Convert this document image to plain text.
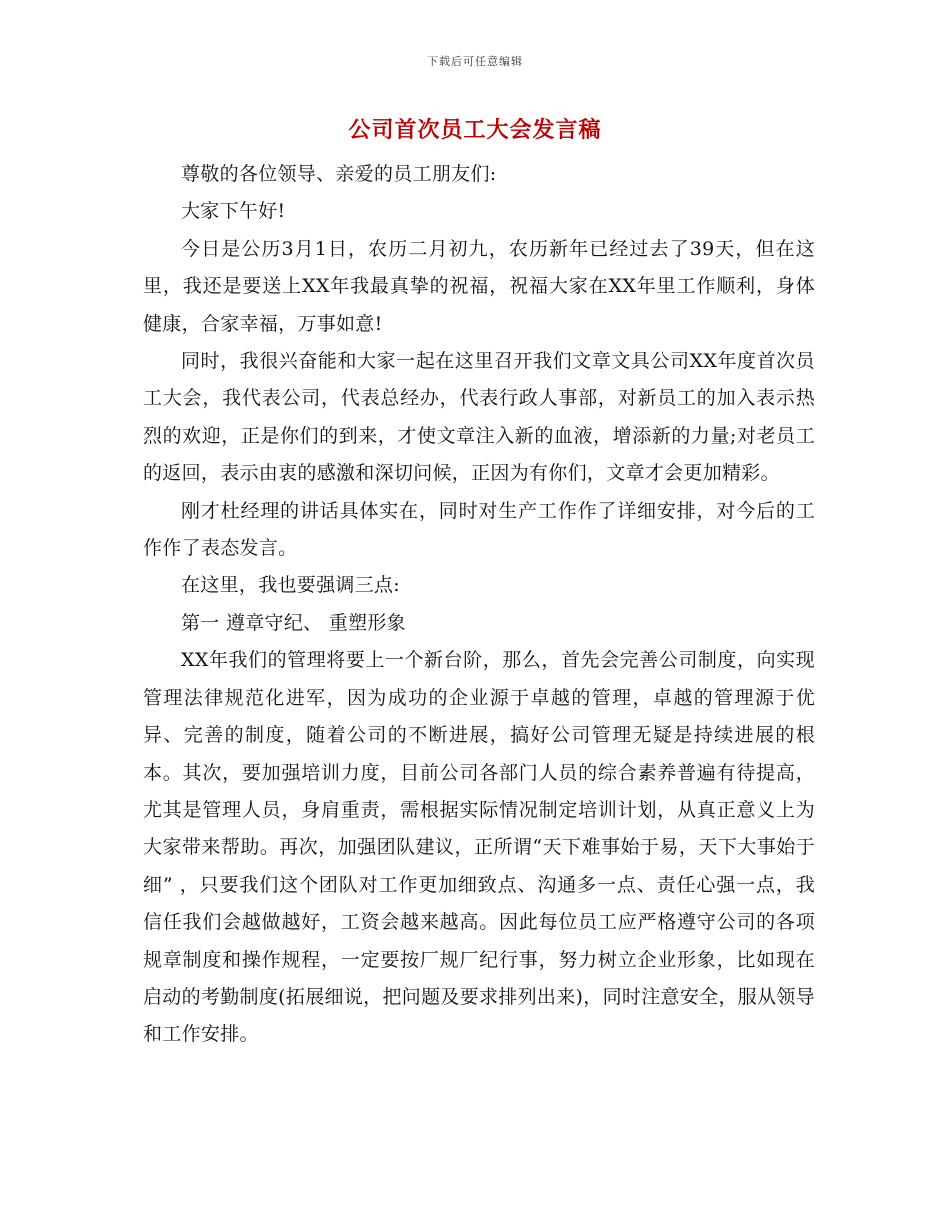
下载后可任意编辑
公司首次员工大会发言稿

尊敬的各位领导、亲爱的员工朋友们:

大家下午好!

今日是公历3月1日，农历二月初九，农历新年已经过去了39天，但在这里，我还是要送上XX年我最真挚的祝福，祝福大家在XX年里工作顺利，身体健康，合家幸福，万事如意!

同时，我很兴奋能和大家一起在这里召开我们文章文具公司XX年度首次员工大会，我代表公司，代表总经办，代表行政人事部，对新员工的加入表示热烈的欢迎，正是你们的到来，才使文章注入新的血液，增添新的力量;对老员工的返回，表示由衷的感激和深切问候，正因为有你们，文章才会更加精彩。

刚才杜经理的讲话具体实在，同时对生产工作作了详细安排，对今后的工作作了表态发言。

在这里，我也要强调三点:

第一 遵章守纪、 重塑形象

XX年我们的管理将要上一个新台阶，那么，首先会完善公司制度，向实现管理法律规范化进军，因为成功的企业源于卓越的管理，卓越的管理源于优异、完善的制度，随着公司的不断进展，搞好公司管理无疑是持续进展的根本。其次，要加强培训力度，目前公司各部门人员的综合素养普遍有待提高，尤其是管理人员，身肩重责，需根据实际情况制定培训计划，从真正意义上为大家带来帮助。再次，加强团队建议，正所谓“天下难事始于易，天下大事始于细” ，只要我们这个团队对工作更加细致点、沟通多一点、责任心强一点，我信任我们会越做越好，工资会越来越高。因此每位员工应严格遵守公司的各项规章制度和操作规程，一定要按厂规厂纪行事，努力树立企业形象，比如现在启动的考勤制度(拓展细说，把问题及要求排列出来)，同时注意安全，服从领导和工作安排。
